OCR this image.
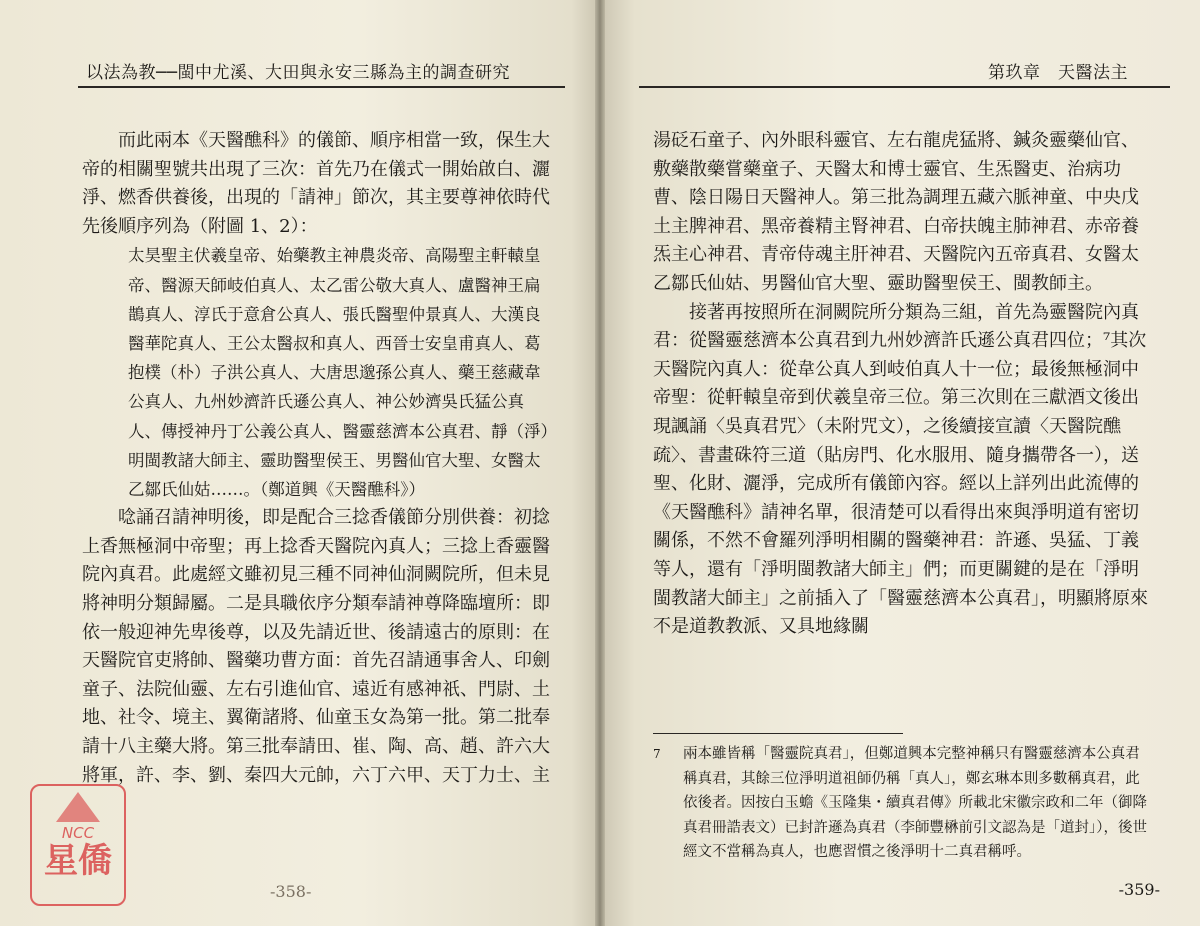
以法為教──閩中尤溪、大田與永安三縣為主的調查研究

而此兩本《天醫醮科》的儀節、順序相當一致，保生大帝的相關聖號共出現了三次：首先乃在儀式一開始啟白、灑淨、燃香供養後，出現的「請神」節次，其主要尊神依時代先後順序列為（附圖 1、2）：

太昊聖主伏羲皇帝、始藥教主神農炎帝、高陽聖主軒轅皇帝、醫源天師岐伯真人、太乙雷公敬大真人、盧醫神王扁鵲真人、淳氏于意倉公真人、張氏醫聖仲景真人、大漢良醫華陀真人、王公太醫叔和真人、西晉士安皇甫真人、葛抱樸（朴）子洪公真人、大唐思邈孫公真人、藥王慈藏韋公真人、九州妙濟許氏遜公真人、神公妙濟吳氏猛公真人、傳授神丹丁公義公真人、醫靈慈濟本公真君、靜（淨）明閩教諸大師主、靈助醫聖侯王、男醫仙官大聖、女醫太乙鄒氏仙姑……。（鄭道興《天醫醮科》）

唸誦召請神明後，即是配合三捻香儀節分別供養：初捻上香無極洞中帝聖；再上捻香天醫院內真人；三捻上香靈醫院內真君。此處經文雖初見三種不同神仙洞闕院所，但未見將神明分類歸屬。二是具職依序分類奉請神尊降臨壇所：即依一般迎神先卑後尊，以及先請近世、後請遠古的原則：在天醫院官吏將帥、醫藥功曹方面：首先召請通事舍人、印劍童子、法院仙靈、左右引進仙官、遠近有感神祇、門尉、土地、社令、境主、翼衛諸將、仙童玉女為第一批。第二批奉請十八主藥大將。第三批奉請田、崔、陶、高、趙、許六大將軍，許、李、劉、秦四大元帥，六丁六甲、天丁力士、主

-358-
NCC
星僑
第玖章　天醫法主

湯砭石童子、內外眼科靈官、左右龍虎猛將、鍼灸靈藥仙官、敷藥散藥嘗藥童子、天醫太和博士靈官、生炁醫吏、治病功曹、陰日陽日天醫神人。第三批為調理五藏六脈神童、中央戊土主脾神君、黑帝養精主腎神君、白帝扶魄主肺神君、赤帝養炁主心神君、青帝侍魂主肝神君、天醫院內五帝真君、女醫太乙鄒氏仙姑、男醫仙官大聖、靈助醫聖侯王、閩教師主。

接著再按照所在洞闕院所分類為三組，首先為靈醫院內真君：從醫靈慈濟本公真君到九州妙濟許氏遜公真君四位；⁷其次天醫院內真人：從韋公真人到岐伯真人十一位；最後無極洞中帝聖：從軒轅皇帝到伏羲皇帝三位。第三次則在三獻酒文後出現諷誦〈吳真君咒〉（未附咒文），之後續接宣讀〈天醫院醮疏〉、書畫硃符三道（貼房門、化水服用、隨身攜帶各一），送聖、化財、灑淨，完成所有儀節內容。經以上詳列出此流傳的《天醫醮科》請神名單，很清楚可以看得出來與淨明道有密切關係，不然不會羅列淨明相關的醫藥神君：許遜、吳猛、丁義等人，還有「淨明閩教諸大師主」們；而更關鍵的是在「淨明閩教諸大師主」之前插入了「醫靈慈濟本公真君」，明顯將原來不是道教教派、又具地緣關

7 兩本雖皆稱「醫靈院真君」，但鄭道興本完整神稱只有醫靈慈濟本公真君稱真君，其餘三位淨明道祖師仍稱「真人」，鄭玄琳本則多數稱真君，此依後者。因按白玉蟾《玉隆集・續真君傳》所載北宋徽宗政和二年（御降真君冊誥表文）已封許遜為真君（李師豐楙前引文認為是「道封」），後世經文不當稱為真人，也應習慣之後淨明十二真君稱呼。
-359-
